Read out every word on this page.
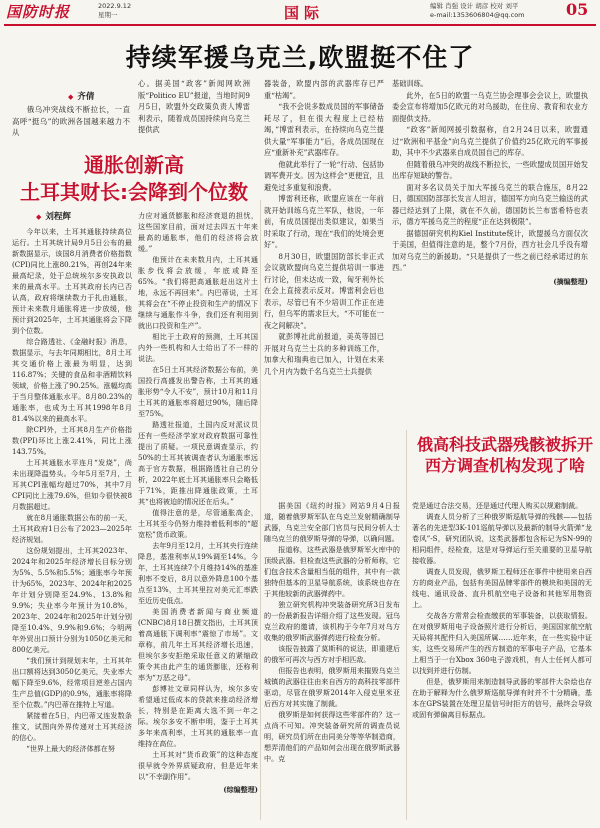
国防时报	2022.9.12
星期一	国际	编辑 肖强 设计 胡彦 校对 刘平
e-mail:1353606804@qq.com	05
持续军援乌克兰,欧盟挺不住了
◆ 齐倩

俄乌冲突战线不断拉长，一直高呼“挺乌”的欧洲各国越来越力不从

心。据美国“政客”新闻网欧洲版“Politico EU”报道，当地时间9月5日，欧盟外交政策负责人博雷利表示，随着成员国持续向乌克兰提供武

通胀创新高
土耳其财长:会降到个位数
◆ 刘程辉

今年以来，土耳其通胀持续高位运行。土耳其统计局9月5日公布的最新数据显示，该国8月消费者价格指数(CPI)同比上涨80.21%，再创24年来最高纪录，处于总统埃尔多安执政以来的最高水平。土耳其政府长内已否认高，政府将继续数力于扎由通胀，预计未来数月通胀将进一步放缓，他预计到2025年，土耳其通胀将会下降到个位数。

综合路透社、《金融时报》消息，数据显示，与去年同期相比，8月土耳其交通价格上涨最为明显，达到116.87%；关键的食品和非酒精饮料领域，价格上涨了90.25%。涨幅均高于当月整体通胀水平。8月80.23%的通胀率，也成为土耳其1998年8月81.4%以来的最高水平。

除CPI外，土耳其8月生产价格指数(PPI)环比上涨2.41%，同比上涨143.75%。

土耳其通胀水平连月“发烧”，尚未出现降温势头。今年5月至7月，土耳其CPI涨幅均超过70%，其中7月CPI同比上涨79.6%，但如今很快被8月数据超过。

就在8月通胀数据公布的前一天，土耳其政府1日公布了2023—2025年经济规划。

这份规划提出，土耳其2023年、2024年和2025年经济增长目标分别为5%、5.5%和5.5%；通胀率今年预计为65%，2023年、2024年和2025年计划分别降至24.9%、13.8%和9.9%；失业率今年预计为10.8%，2023年、2024年和2025年计划分别降至10.4%、9.9%和9.6%；今明两年外贸出口预计分别为1050亿美元和800亿美元。

“我们预计到规划末年，土耳其年出口额将达到3050亿美元，失业率大幅下降至9.6%，经常项目逆差占国内生产总值(GDP)的0.9%，通胀率将降至个位数。”内巴蒂在推特上写道。

紧接着在5日，内巴蒂又连发数条推文，试图向外界传递对土耳其经济的信心。

“世界上最大的经济体都在努

力应对通货膨胀和经济衰退的担忧，这些国家目前，面对过去四五十年来最高的通胀率，他们的经济将会放缓。”

他预计在未来数月内，土耳其通胀步伐将会放缓，年底或降至65%。“我们将把高通胀赶出这片土地，永远不再回来”。内巴蒂说，土耳其将会在“不停止投资和生产的情况下继续与通胀作斗争，我们还有利用到就出口投资和生产”。

相比于土政府的预测，土耳其国内外一些机构和人士给出了不一样的说法。

在5日土耳其经济数据公布前，美国投行高盛发出警告称，土耳其的通胀形势“令人不安”，预计10月和11月土耳其的通胀率将超过90%，随后降至75%。

路透社报道，土国内反对派议员还有一些经济学家对政府数据可靠性提出了质疑。一项民意调查显示，约50%的土耳其被调查者认为通胀率远高于官方数据，根据路透社自己的分析，2022年底土耳其通胀率只会略低于71%，距推出降通胀政策，土耳其“也将被迫的情况还在后头。”

值得注意的是，尽管通胀高企，土耳其至今仍努力维持着低利率的“超宽松”货币政策。

去年9月至12月，土耳其央行连续降息，基准利率从19%调至14%。今年，土耳其连续7个月维持14%的基准利率不变后，8月以意外降息100个基点至13%，土耳其里拉对美元汇率跌至近历史低点。

美国消费者新闻与商业频道(CNBC)8月18日撰文指出，土耳其顶着高通胀下调利率“震惊了市场”。文章称，前几年土耳其经济增长迅速，但埃尔多安拒绝采取任意义的紧缩政策令其由此产生的通货膨胀，还称利率为“万恶之母”。

彭博社文章同样认为，埃尔多安希望通过低成本的贷款来推动经济增长，特别是在距离大选不到一年之际。埃尔多安不断申明，鉴于土耳其多年来高利率，土耳其的通胀率一直维持在高位。

土耳其对“货币政策”的这种态度很早就令外界质疑政府，但是近年来以“不幸副作用”。

(综编整理)

器装备，欧盟内部的武器库存已严重“枯竭”。

“我不会说多数成员国的军事储备耗尽了，但在很大程度上已经枯竭，”博雷利表示，在持续向乌克兰提供大量“军事能力”后，各成员国现在应“重新补充”武器库存。

他就此举行了一轮“行动、包括协调军费开支。因为这样会“更便宜，且避免过多重复和浪费。

博雷利还称，欧盟应该在一年前就开始训练乌克兰军队，他说，一年前，有成员国提出类似建议，如果当时采取了行动，现在“我们的处境会更好”。

8月30日，欧盟国防部长非正式会议就欧盟向乌克兰提供培训一事进行讨论，但未达成一致，匈牙利外长在会上直接表示反对。博雷利会后也表示，尽管已有不少培训工作正在进行，但乌军的需求巨大，“不可能在一夜之间解决”。

就彭博社此前报道，美英等国已开展对乌克兰士兵的多种训练工作，加拿大和瑞典也已加入，计划在未来几个月内为数千名乌克兰士兵提供

基础训练。

此外，在5日的欧盟一乌克兰协会理事会会议上，欧盟执委会宣布将增加5亿欧元的对乌援助，在住房、教育和农业方面提供支持。

“政客”新闻网援引数据称，自2月24日以来，欧盟通过“欧洲和平基金”向乌克兰提供了价值约25亿欧元的军事援助，其中不少武器来自成员国自己的库存。

但随着俄乌冲突的战线不断拉长，一些欧盟成员国开始发出库存短缺的警告。

面对多名议员关于加大军援乌克兰的联合施压，8月22日，德国国防部部长发言人坦言，德国军方向乌克兰输送的武器已经达到了上限，就在不久前，德国防长兰布雷希特也表示，德方军援乌克兰的程度“正在达到极限”。

据德国研究机构Kiel Institute统计，欧盟援乌方面仅次于美国，但值得注意的是，整个7月份，西方社会几乎没有增加对乌克兰的新援助。“只是提供了一些之前已经承诺过的东西。”

(摘编整理)
俄高科技武器残骸被拆开
西方调查机构发现了啥

据美国《纽约时报》网站9月4日报道，随着俄罗斯军队在乌克兰发射精确制导武器，乌克兰安全部门官员与民间分析人士随乌克兰的俄罗斯导弹的导弹，以确问题。

报道称，这些武器是俄罗斯军火库中的顶级武器。但检查这些武器的分析师称，它们包含技术含量相当低的组件，其中有一款独特但基本的卫星导航系统，该系统也存在于其他较新的武器弹药中。

独立研究机构冲突装备研究所3日发布的一份最新报告详细介绍了这些发现。冠乌克兰政府的邀请，该机构于今年7月对乌方收集的俄罗斯武器弹药进行检查分析。

该报告披露了莫斯科的说法，即重建后的俄军可再次与西方对手相匹敌。

但报告也表明，俄罗斯用来摧毁乌克兰城镇的武器往往由来自西方的高科技零部件驱动，尽管在俄罗斯2014年入侵克里米亚后西方对其实施了制裁。

俄罗斯是如何获得这些零部件的？这一点尚不可知。冲突装备研究所的调查员说明，研究员们所在由同美分等等华制造商，想弄清他们的产品如何会出现在俄罗斯武器中。克

党是通过合法交易，还是通过代理人购买以规避制裁。

调查人员分析了三种俄罗斯巡航导弹的残骸——包括著名的先进型3K-101巡航导弹以及最新的制导火箭弹“龙卷风”-S，研究团队说，这类武器都包含标记为SN-99的相同组件，经检查，这是对导弹运行至关重要的卫星导航接收器。

调查人员发现，俄罗斯工程师还在事件中使用来自西方的商业产品，包括有美国品牌零部件的模块和美国的无线电、通讯设备、直升机航空电子设备和其他军用物资上。

交战各方常常会检查缴获的军事装备，以获取情报。在对俄罗斯用电子设备照片进行分析后，美国国家航空航天局将其配件归入美国所属……近年来，在一些实验中证实，这些交易所产生的西方制造的军事电子产品，它基本上相当于一台Xbox 360电子游戏机，有人士任何人都可以找到并进行仿制。

但是，俄罗斯用来制造制导武器的零部件大杂烩也存在助于解释为什么俄罗斯巡航导弹有时并不十分精确，基本在GPS装置在处理卫星信号时拒方的信号，最终会导致或固有弹偏离目标据点。
